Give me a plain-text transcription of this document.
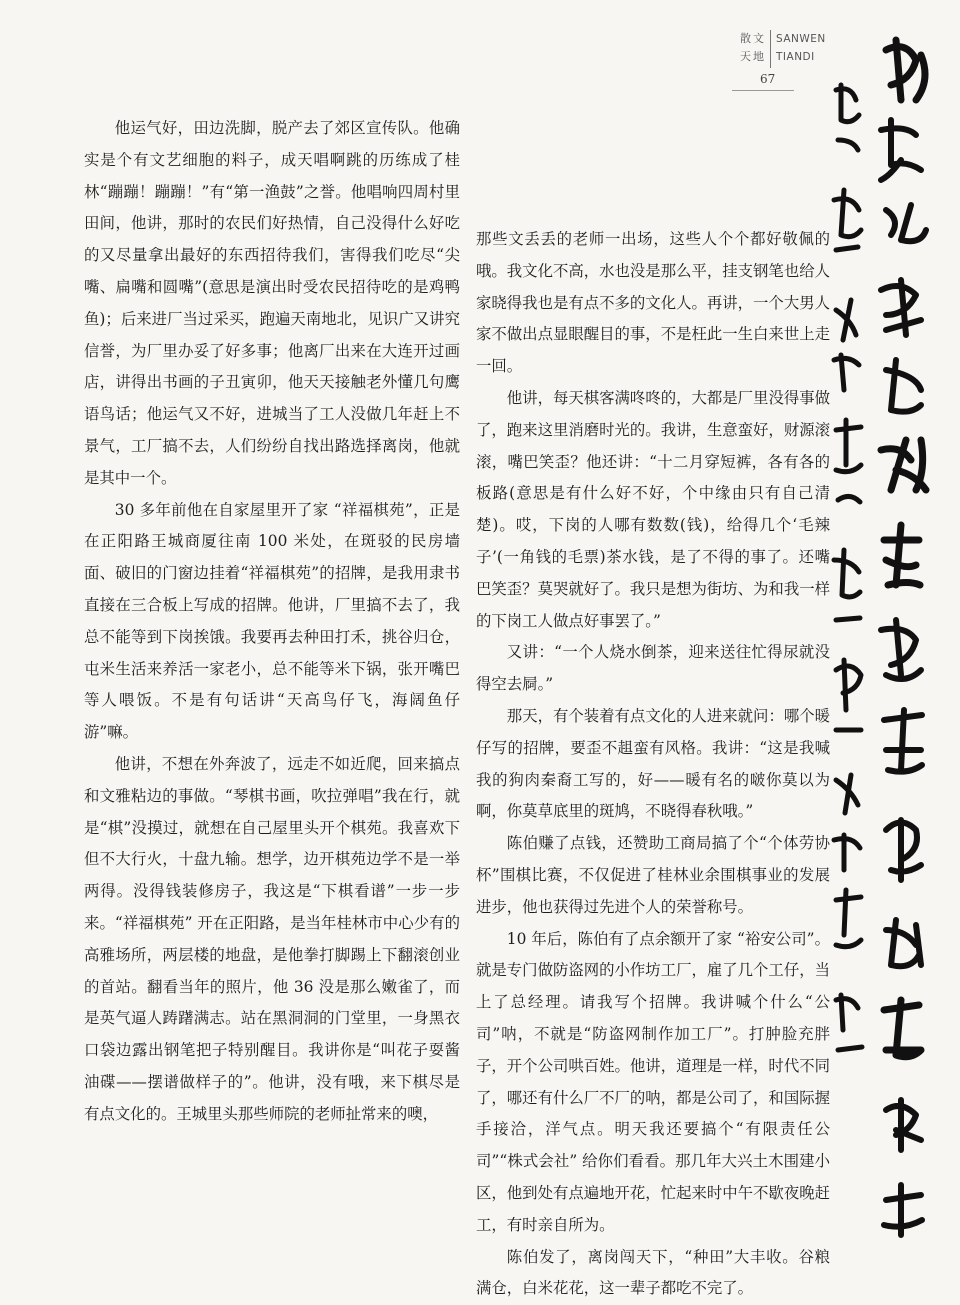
散文
天地
SANWEN
TIANDI
67

他运气好，田边洗脚，脱产去了郊区宣传队。他确实是个有文艺细胞的料子，成天唱啊跳的历练成了桂林“蹦蹦！蹦蹦！”有“第一渔鼓”之誉。他唱响四周村里田间，他讲，那时的农民们好热情，自己没得什么好吃的又尽量拿出最好的东西招待我们，害得我们吃尽“尖嘴、扁嘴和圆嘴”(意思是演出时受农民招待吃的是鸡鸭鱼)；后来进厂当过采买，跑遍天南地北，见识广又讲究信誉，为厂里办妥了好多事；他离厂出来在大连开过画店，讲得出书画的子丑寅卯，他天天接触老外懂几句鹰语鸟话；他运气又不好，进城当了工人没做几年赶上不景气，工厂搞不去，人们纷纷自找出路选择离岗，他就是其中一个。

30 多年前他在自家屋里开了家 “祥福棋苑”，正是在正阳路王城商厦往南 100 米处，在斑驳的民房墙面、破旧的门窗边挂着“祥福棋苑”的招牌，是我用隶书直接在三合板上写成的招牌。他讲，厂里搞不去了，我总不能等到下岗挨饿。我要再去种田打禾，挑谷归仓，屯米生活来养活一家老小，总不能等米下锅，张开嘴巴等人喂饭。不是有句话讲“天高鸟仔飞，海阔鱼仔游”嘛。

他讲，不想在外奔波了，远走不如近爬，回来搞点和文雅粘边的事做。“琴棋书画，吹拉弹唱”我在行，就是“棋”没摸过，就想在自己屋里头开个棋苑。我喜欢下但不大行火，十盘九输。想学，边开棋苑边学不是一举两得。没得钱装修房子，我这是“下棋看谱”一步一步来。“祥福棋苑” 开在正阳路，是当年桂林市中心少有的高雅场所，两层楼的地盘，是他拳打脚踢上下翻滚创业的首站。翻看当年的照片，他 36 没是那么嫩雀了，而是英气逼人踌躇满志。站在黑洞洞的门堂里，一身黑衣口袋边露出钢笔把子特别醒目。我讲你是“叫花子耍酱油碟——摆谱做样子的”。他讲，没有哦，来下棋尽是有点文化的。王城里头那些师院的老师扯常来的噢，

那些文丢丢的老师一出场，这些人个个都好敬佩的哦。我文化不高，水也没是那么平，挂支钢笔也给人家晓得我也是有点不多的文化人。再讲，一个大男人家不做出点显眼醒目的事，不是枉此一生白来世上走一回。

他讲，每天棋客满咚咚的，大都是厂里没得事做了，跑来这里消磨时光的。我讲，生意蛮好，财源滚滚，嘴巴笑歪？他还讲：“十二月穿短裤，各有各的板路(意思是有什么好不好，个中缘由只有自己清楚)。哎，下岗的人哪有数数(钱)，给得几个‘毛辣子’(一角钱的毛票)茶水钱，是了不得的事了。还嘴巴笑歪？莫哭就好了。我只是想为街坊、为和我一样的下岗工人做点好事罢了。”

又讲：“一个人烧水倒茶，迎来送往忙得尿就没得空去屙。”

那天，有个装着有点文化的人进来就问：哪个暖仔写的招牌，要歪不趄蛮有风格。我讲：“这是我喊我的狗肉秦裔工写的，好——暖有名的啵你莫以为啊，你莫草底里的斑鸠，不晓得春秋哦。”

陈伯赚了点钱，还赞助工商局搞了个“个体劳协杯”围棋比赛，不仅促进了桂林业余围棋事业的发展进步，他也获得过先进个人的荣誉称号。

10 年后，陈伯有了点余额开了家 “裕安公司”。就是专门做防盗网的小作坊工厂，雇了几个工仔，当上了总经理。请我写个招牌。我讲喊个什么“公司”呐，不就是“防盗网制作加工厂”。打肿脸充胖子，开个公司哄百姓。他讲，道理是一样，时代不同了，哪还有什么厂不厂的呐，都是公司了，和国际握手接洽，洋气点。明天我还要搞个“有限责任公司”“株式会社” 给你们看看。那几年大兴土木围建小区，他到处有点遍地开花，忙起来时中午不歇夜晚赶工，有时亲自所为。

陈伯发了，离岗闯天下，“种田”大丰收。谷粮满仓，白米花花，这一辈子都吃不完了。
